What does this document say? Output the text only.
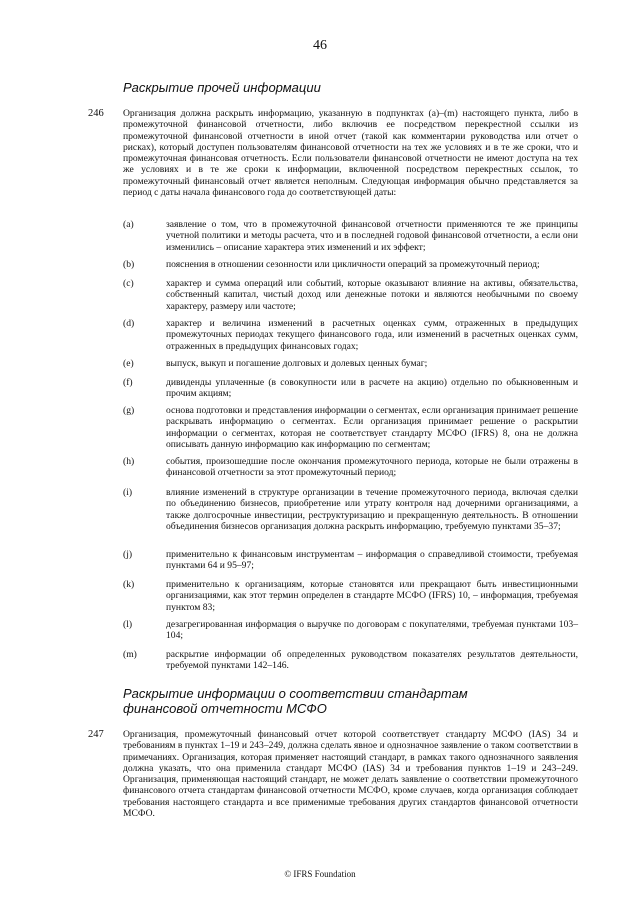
46
Раскрытие прочей информации
246 Организация должна раскрыть информацию, указанную в подпунктах (a)–(m) настоящего пункта, либо в промежуточной финансовой отчетности, либо включив ее посредством перекрестной ссылки из промежуточной финансовой отчетности в иной отчет (такой как комментарии руководства или отчет о рисках), который доступен пользователям финансовой отчетности на тех же условиях и в те же сроки, что и промежуточная финансовая отчетность. Если пользователи финансовой отчетности не имеют доступа на тех же условиях и в те же сроки к информации, включенной посредством перекрестных ссылок, то промежуточный финансовый отчет является неполным. Следующая информация обычно представляется за период с даты начала финансового года до соответствующей даты:
(a)	заявление о том, что в промежуточной финансовой отчетности применяются те же принципы учетной политики и методы расчета, что и в последней годовой финансовой отчетности, а если они изменились – описание характера этих изменений и их эффект;
(b)	пояснения в отношении сезонности или цикличности операций за промежуточный период;
(c)	характер и сумма операций или событий, которые оказывают влияние на активы, обязательства, собственный капитал, чистый доход или денежные потоки и являются необычными по своему характеру, размеру или частоте;
(d)	характер и величина изменений в расчетных оценках сумм, отраженных в предыдущих промежуточных периодах текущего финансового года, или изменений в расчетных оценках сумм, отраженных в предыдущих финансовых годах;
(e)	выпуск, выкуп и погашение долговых и долевых ценных бумаг;
(f)	дивиденды уплаченные (в совокупности или в расчете на акцию) отдельно по обыкновенным и прочим акциям;
(g)	основа подготовки и представления информации о сегментах, если организация принимает решение раскрывать информацию о сегментах. Если организация принимает решение о раскрытии информации о сегментах, которая не соответствует стандарту МСФО (IFRS) 8, она не должна описывать данную информацию как информацию по сегментам;
(h)	события, произошедшие после окончания промежуточного периода, которые не были отражены в финансовой отчетности за этот промежуточный период;
(i)	влияние изменений в структуре организации в течение промежуточного периода, включая сделки по объединению бизнесов, приобретение или утрату контроля над дочерними организациями, а также долгосрочные инвестиции, реструктуризацию и прекращенную деятельность. В отношении объединения бизнесов организация должна раскрыть информацию, требуемую пунктами 35–37;
(j)	применительно к финансовым инструментам – информация о справедливой стоимости, требуемая пунктами 64 и 95–97;
(k)	применительно к организациям, которые становятся или прекращают быть инвестиционными организациями, как этот термин определен в стандарте МСФО (IFRS) 10, – информация, требуемая пунктом 83;
(l)	дезагрегированная информация о выручке по договорам с покупателями, требуемая пунктами 103–104;
(m)	раскрытие информации об определенных руководством показателях результатов деятельности, требуемой пунктами 142–146.
Раскрытие информации о соответствии стандартам финансовой отчетности МСФО
247 Организация, промежуточный финансовый отчет которой соответствует стандарту МСФО (IAS) 34 и требованиям в пунктах 1–19 и 243–249, должна сделать явное и однозначное заявление о таком соответствии в примечаниях. Организация, которая применяет настоящий стандарт, в рамках такого однозначного заявления должна указать, что она применила стандарт МСФО (IAS) 34 и требования пунктов 1–19 и 243–249. Организация, применяющая настоящий стандарт, не может делать заявление о соответствии промежуточного финансового отчета стандартам финансовой отчетности МСФО, кроме случаев, когда организация соблюдает требования настоящего стандарта и все применимые требования других стандартов финансовой отчетности МСФО.
© IFRS Foundation
